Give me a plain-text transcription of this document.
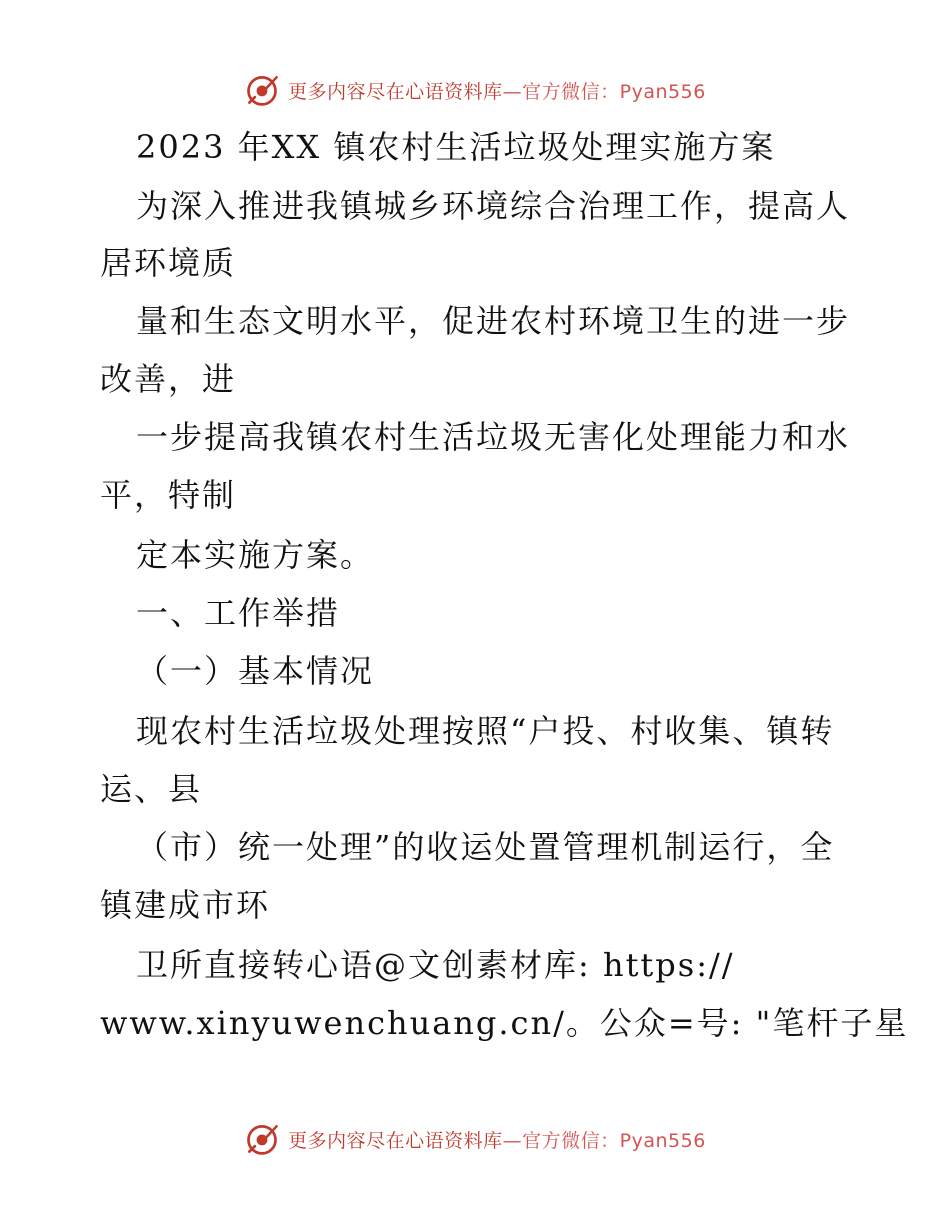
更多内容尽在心语资料库—官方微信：Pyan556
2023 年XX 镇农村生活垃圾处理实施方案
为深入推进我镇城乡环境综合治理工作，提高人
居环境质
量和生态文明水平，促进农村环境卫生的进一步
改善，进
一步提高我镇农村生活垃圾无害化处理能力和水
平，特制
定本实施方案。
一、工作举措
（一）基本情况
现农村生活垃圾处理按照“户投、村收集、镇转
运、县
（市）统一处理”的收运处置管理机制运行，全
镇建成市环
卫所直接转心语@文创素材库: https://
www.xinyuwenchuang.cn/。公众=号: "笔杆子星
更多内容尽在心语资料库—官方微信：Pyan556
